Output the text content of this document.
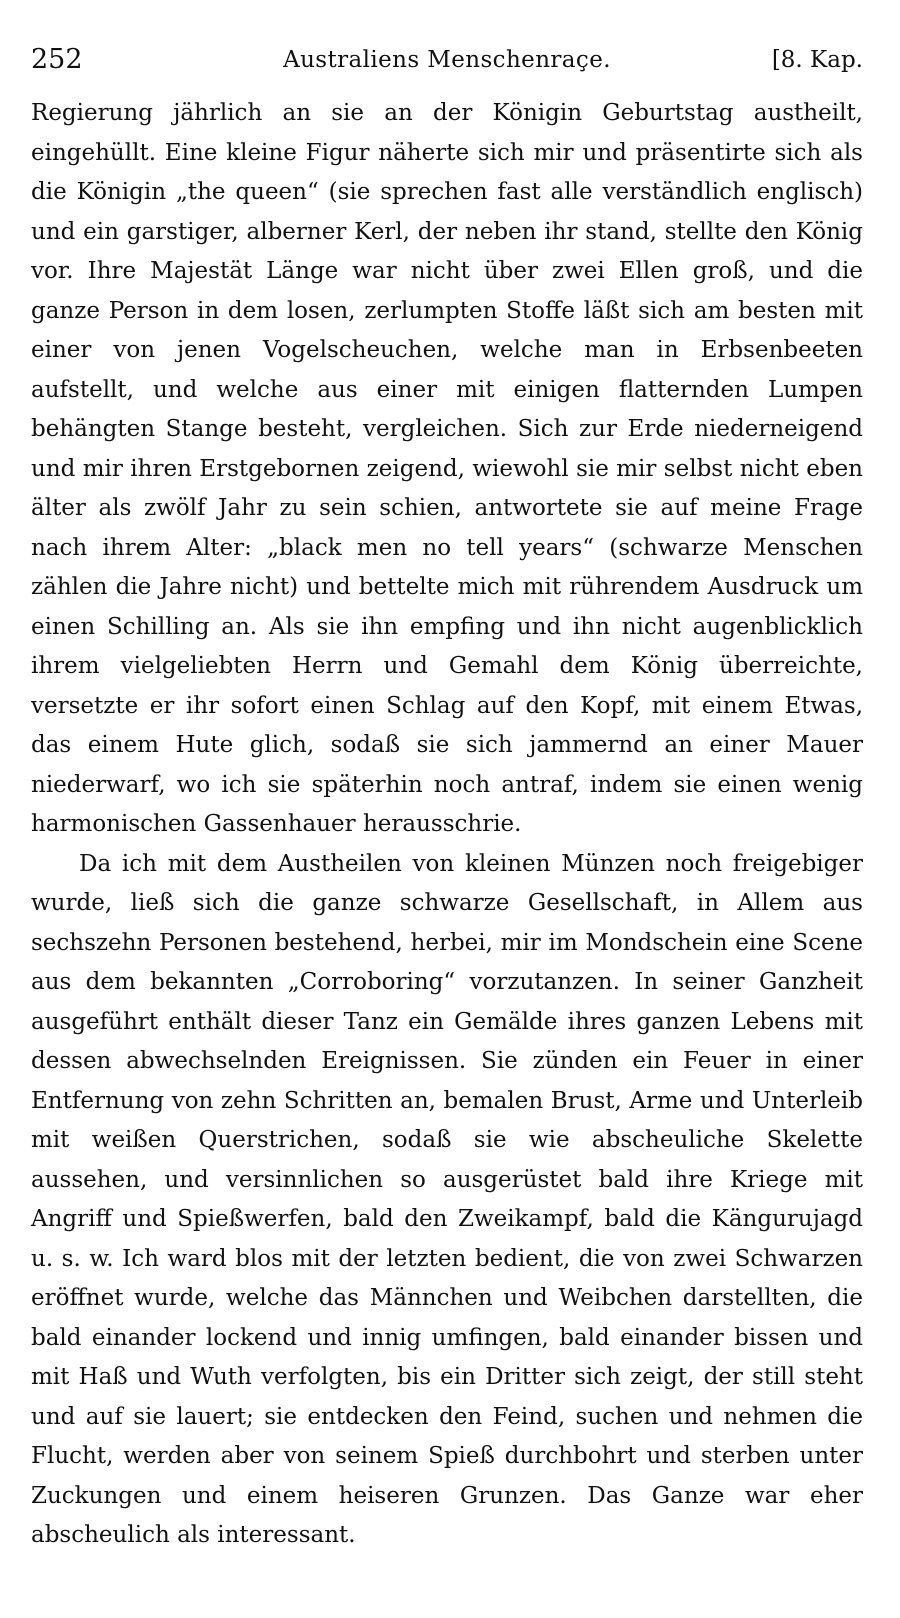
252	Australiens Menschenraçe.	[8. Kap.

Regierung jährlich an sie an der Königin Geburtstag austheilt, eingehüllt. Eine kleine Figur näherte sich mir und präsentirte sich als die Königin „the queen“ (sie sprechen fast alle verständlich englisch) und ein garstiger, alberner Kerl, der neben ihr stand, stellte den König vor. Ihre Majestät Länge war nicht über zwei Ellen groß, und die ganze Person in dem losen, zerlumpten Stoffe läßt sich am besten mit einer von jenen Vogelscheuchen, welche man in Erbsenbeeten aufstellt, und welche aus einer mit einigen flatternden Lumpen behängten Stange besteht, vergleichen. Sich zur Erde niederneigend und mir ihren Erstgebornen zeigend, wiewohl sie mir selbst nicht eben älter als zwölf Jahr zu sein schien, antwortete sie auf meine Frage nach ihrem Alter: „black men no tell years“ (schwarze Menschen zählen die Jahre nicht) und bettelte mich mit rührendem Ausdruck um einen Schilling an. Als sie ihn empfing und ihn nicht augenblicklich ihrem vielgeliebten Herrn und Gemahl dem König überreichte, versetzte er ihr sofort einen Schlag auf den Kopf, mit einem Etwas, das einem Hute glich, sodaß sie sich jammernd an einer Mauer niederwarf, wo ich sie späterhin noch antraf, indem sie einen wenig harmonischen Gassenhauer herausschrie.

Da ich mit dem Austheilen von kleinen Münzen noch freigebiger wurde, ließ sich die ganze schwarze Gesellschaft, in Allem aus sechszehn Personen bestehend, herbei, mir im Mondschein eine Scene aus dem bekannten „Corroboring“ vorzutanzen. In seiner Ganzheit ausgeführt enthält dieser Tanz ein Gemälde ihres ganzen Lebens mit dessen abwechselnden Ereignissen. Sie zünden ein Feuer in einer Entfernung von zehn Schritten an, bemalen Brust, Arme und Unterleib mit weißen Querstrichen, sodaß sie wie abscheuliche Skelette aussehen, und versinnlichen so ausgerüstet bald ihre Kriege mit Angriff und Spießwerfen, bald den Zweikampf, bald die Kängurujagd u. s. w. Ich ward blos mit der letzten bedient, die von zwei Schwarzen eröffnet wurde, welche das Männchen und Weibchen darstellten, die bald einander lockend und innig umfingen, bald einander bissen und mit Haß und Wuth verfolgten, bis ein Dritter sich zeigt, der still steht und auf sie lauert; sie entdecken den Feind, suchen und nehmen die Flucht, werden aber von seinem Spieß durchbohrt und sterben unter Zuckungen und einem heiseren Grunzen. Das Ganze war eher abscheulich als interessant.
